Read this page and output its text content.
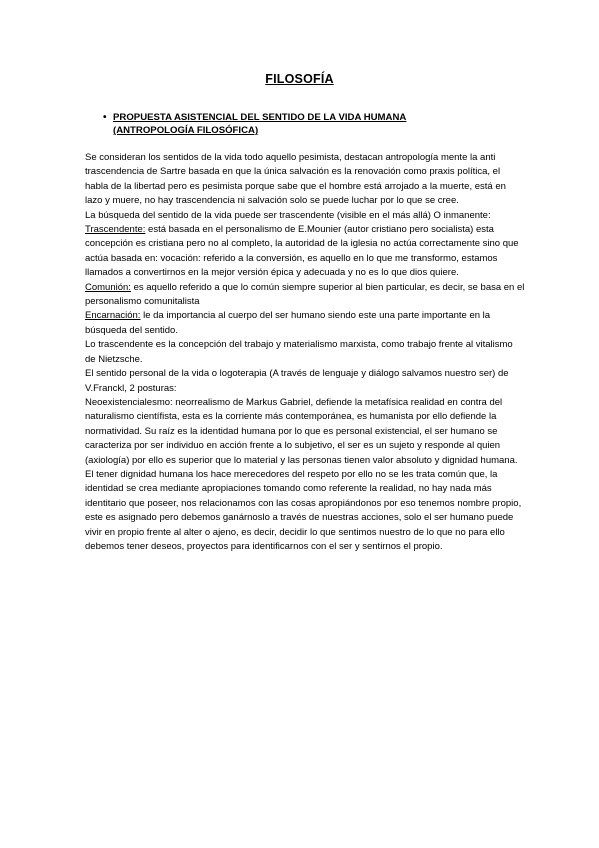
FILOSOFÍA
• PROPUESTA ASISTENCIAL DEL SENTIDO DE LA VIDA HUMANA (ANTROPOLOGÍA FILOSÓFICA)

Se consideran los sentidos de la vida todo aquello pesimista, destacan antropología mente la anti trascendencia de Sartre basada en que la única salvación es la renovación como praxis política, el habla de la libertad pero es pesimista porque sabe que el hombre está arrojado a la muerte, está en lazo y muere, no hay trascendencia ni salvación solo se puede luchar por lo que se cree.

La búsqueda del sentido de la vida puede ser trascendente (visible en el más allá) O inmanente:

Trascendente: está basada en el personalismo de E.Mounier (autor cristiano pero socialista) esta concepción es cristiana pero no al completo, la autoridad de la iglesia no actúa correctamente sino que actúa basada en: vocación: referido a la conversión, es aquello en lo que me transformo, estamos llamados a convertirnos en la mejor versión épica y adecuada y no es lo que dios quiere.

Comunión: es aquello referido a que lo común siempre superior al bien particular, es decir, se basa en el personalismo comunitalista

Encarnación: le da importancia al cuerpo del ser humano siendo este una parte importante en la búsqueda del sentido.

Lo trascendente es la concepción del trabajo y materialismo marxista, como trabajo frente al vitalismo de Nietzsche.

El sentido personal de la vida o logoterapia (A través de lenguaje y diálogo salvamos nuestro ser) de V.Franckl, 2 posturas:

Neoexistencialesmo: neorrealismo de Markus Gabriel, defiende la metafísica realidad en contra del naturalismo científista, esta es la corriente más contemporánea, es humanista por ello defiende la normatividad. Su raíz es la identidad humana por lo que es personal existencial, el ser humano se caracteriza por ser individuo en acción frente a lo subjetivo, el ser es un sujeto y responde al quien (axiología) por ello es superior que lo material y las personas tienen valor absoluto y dignidad humana. El tener dignidad humana los hace merecedores del respeto por ello no se les trata común que, la identidad se crea mediante apropiaciones tomando como referente la realidad, no hay nada más identitario que poseer, nos relacionamos con las cosas apropiándonos por eso tenemos nombre propio, este es asignado pero debemos ganárnoslo a través de nuestras acciones, solo el ser humano puede vivir en propio frente al alter o ajeno, es decir, decidir lo que sentimos nuestro de lo que no para ello debemos tener deseos, proyectos para identificarnos con el ser y sentirnos el propio.
